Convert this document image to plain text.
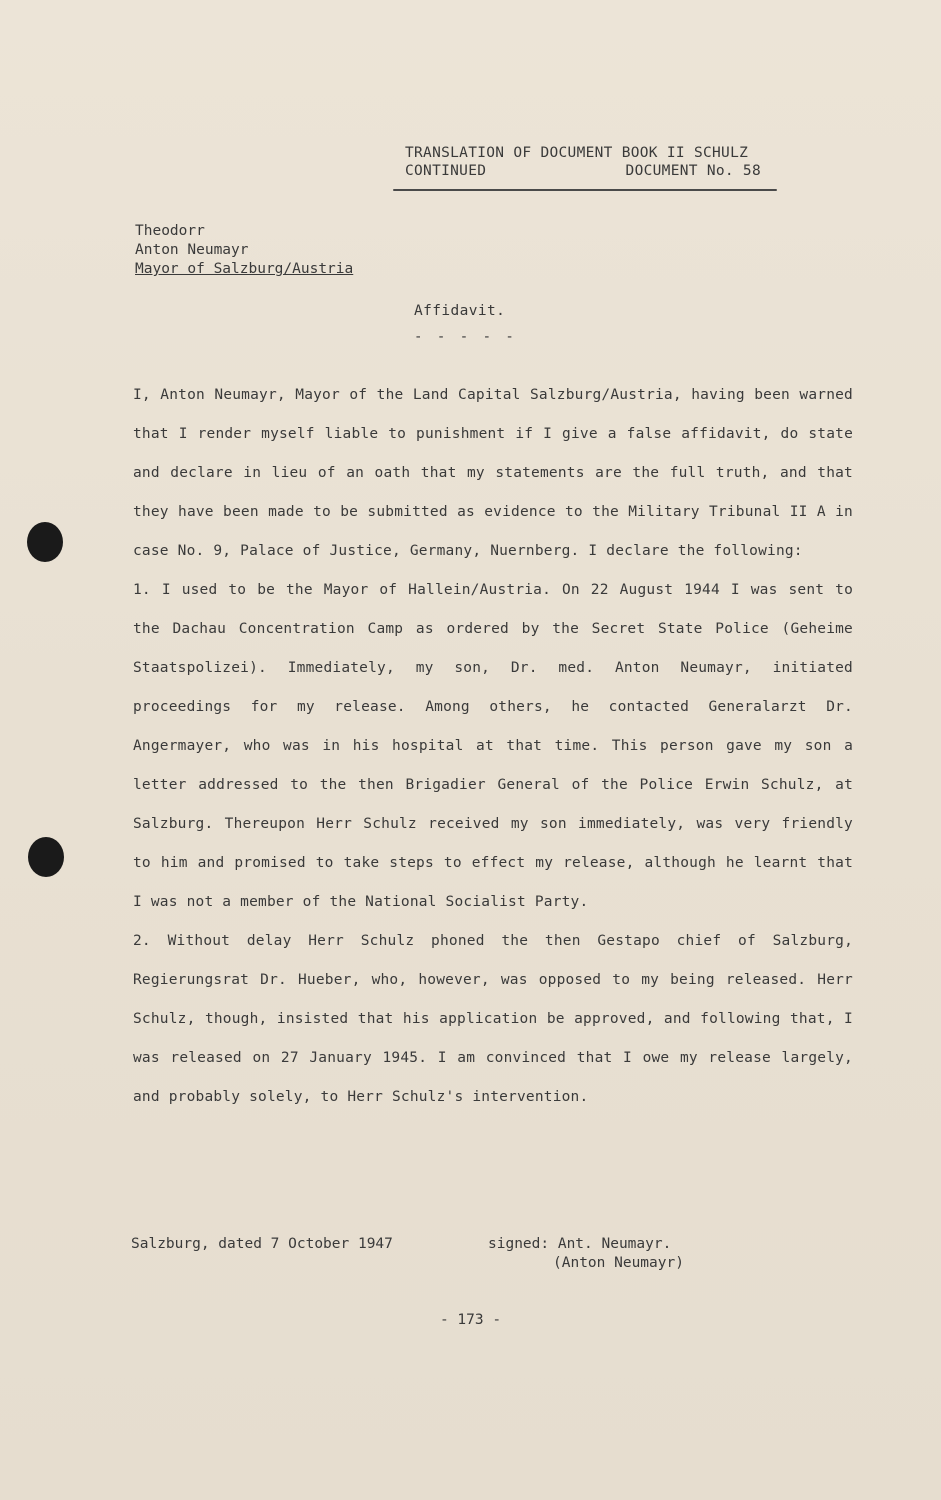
TRANSLATION OF DOCUMENT BOOK II SCHULZ
CONTINUED	DOCUMENT No. 58
Theodorr
Anton Neumayr
Mayor of Salzburg/Austria
Affidavit.
- - - - -

I, Anton Neumayr, Mayor of the Land Capital Salzburg/Austria, having been warned that I render myself liable to punishment if I give a false affidavit, do state and declare in lieu of an oath that my statements are the full truth, and that they have been made to be submitted as evidence to the Military Tribunal II A in case No. 9, Palace of Justice, Germany, Nuernberg. I declare the following:

1. I used to be the Mayor of Hallein/Austria. On 22 August 1944 I was sent to the Dachau Concentration Camp as ordered by the Secret State Police (Geheime Staatspolizei). Immediately, my son, Dr. med. Anton Neumayr, initiated proceedings for my release. Among others, he contacted Generalarzt Dr. Angermayer, who was in his hospital at that time. This person gave my son a letter addressed to the then Brigadier General of the Police Erwin Schulz, at Salzburg. Thereupon Herr Schulz received my son immediately, was very friendly to him and promised to take steps to effect my release, although he learnt that I was not a member of the National Socialist Party.

2. Without delay Herr Schulz phoned the then Gestapo chief of Salzburg, Regierungsrat Dr. Hueber, who, however, was opposed to my being released. Herr Schulz, though, insisted that his application be approved, and following that, I was released on 27 January 1945. I am convinced that I owe my release largely, and probably solely, to Herr Schulz's intervention.

Salzburg, dated 7 October 1947	signed: Ant. Neumayr.
(Anton Neumayr)
- 173 -
